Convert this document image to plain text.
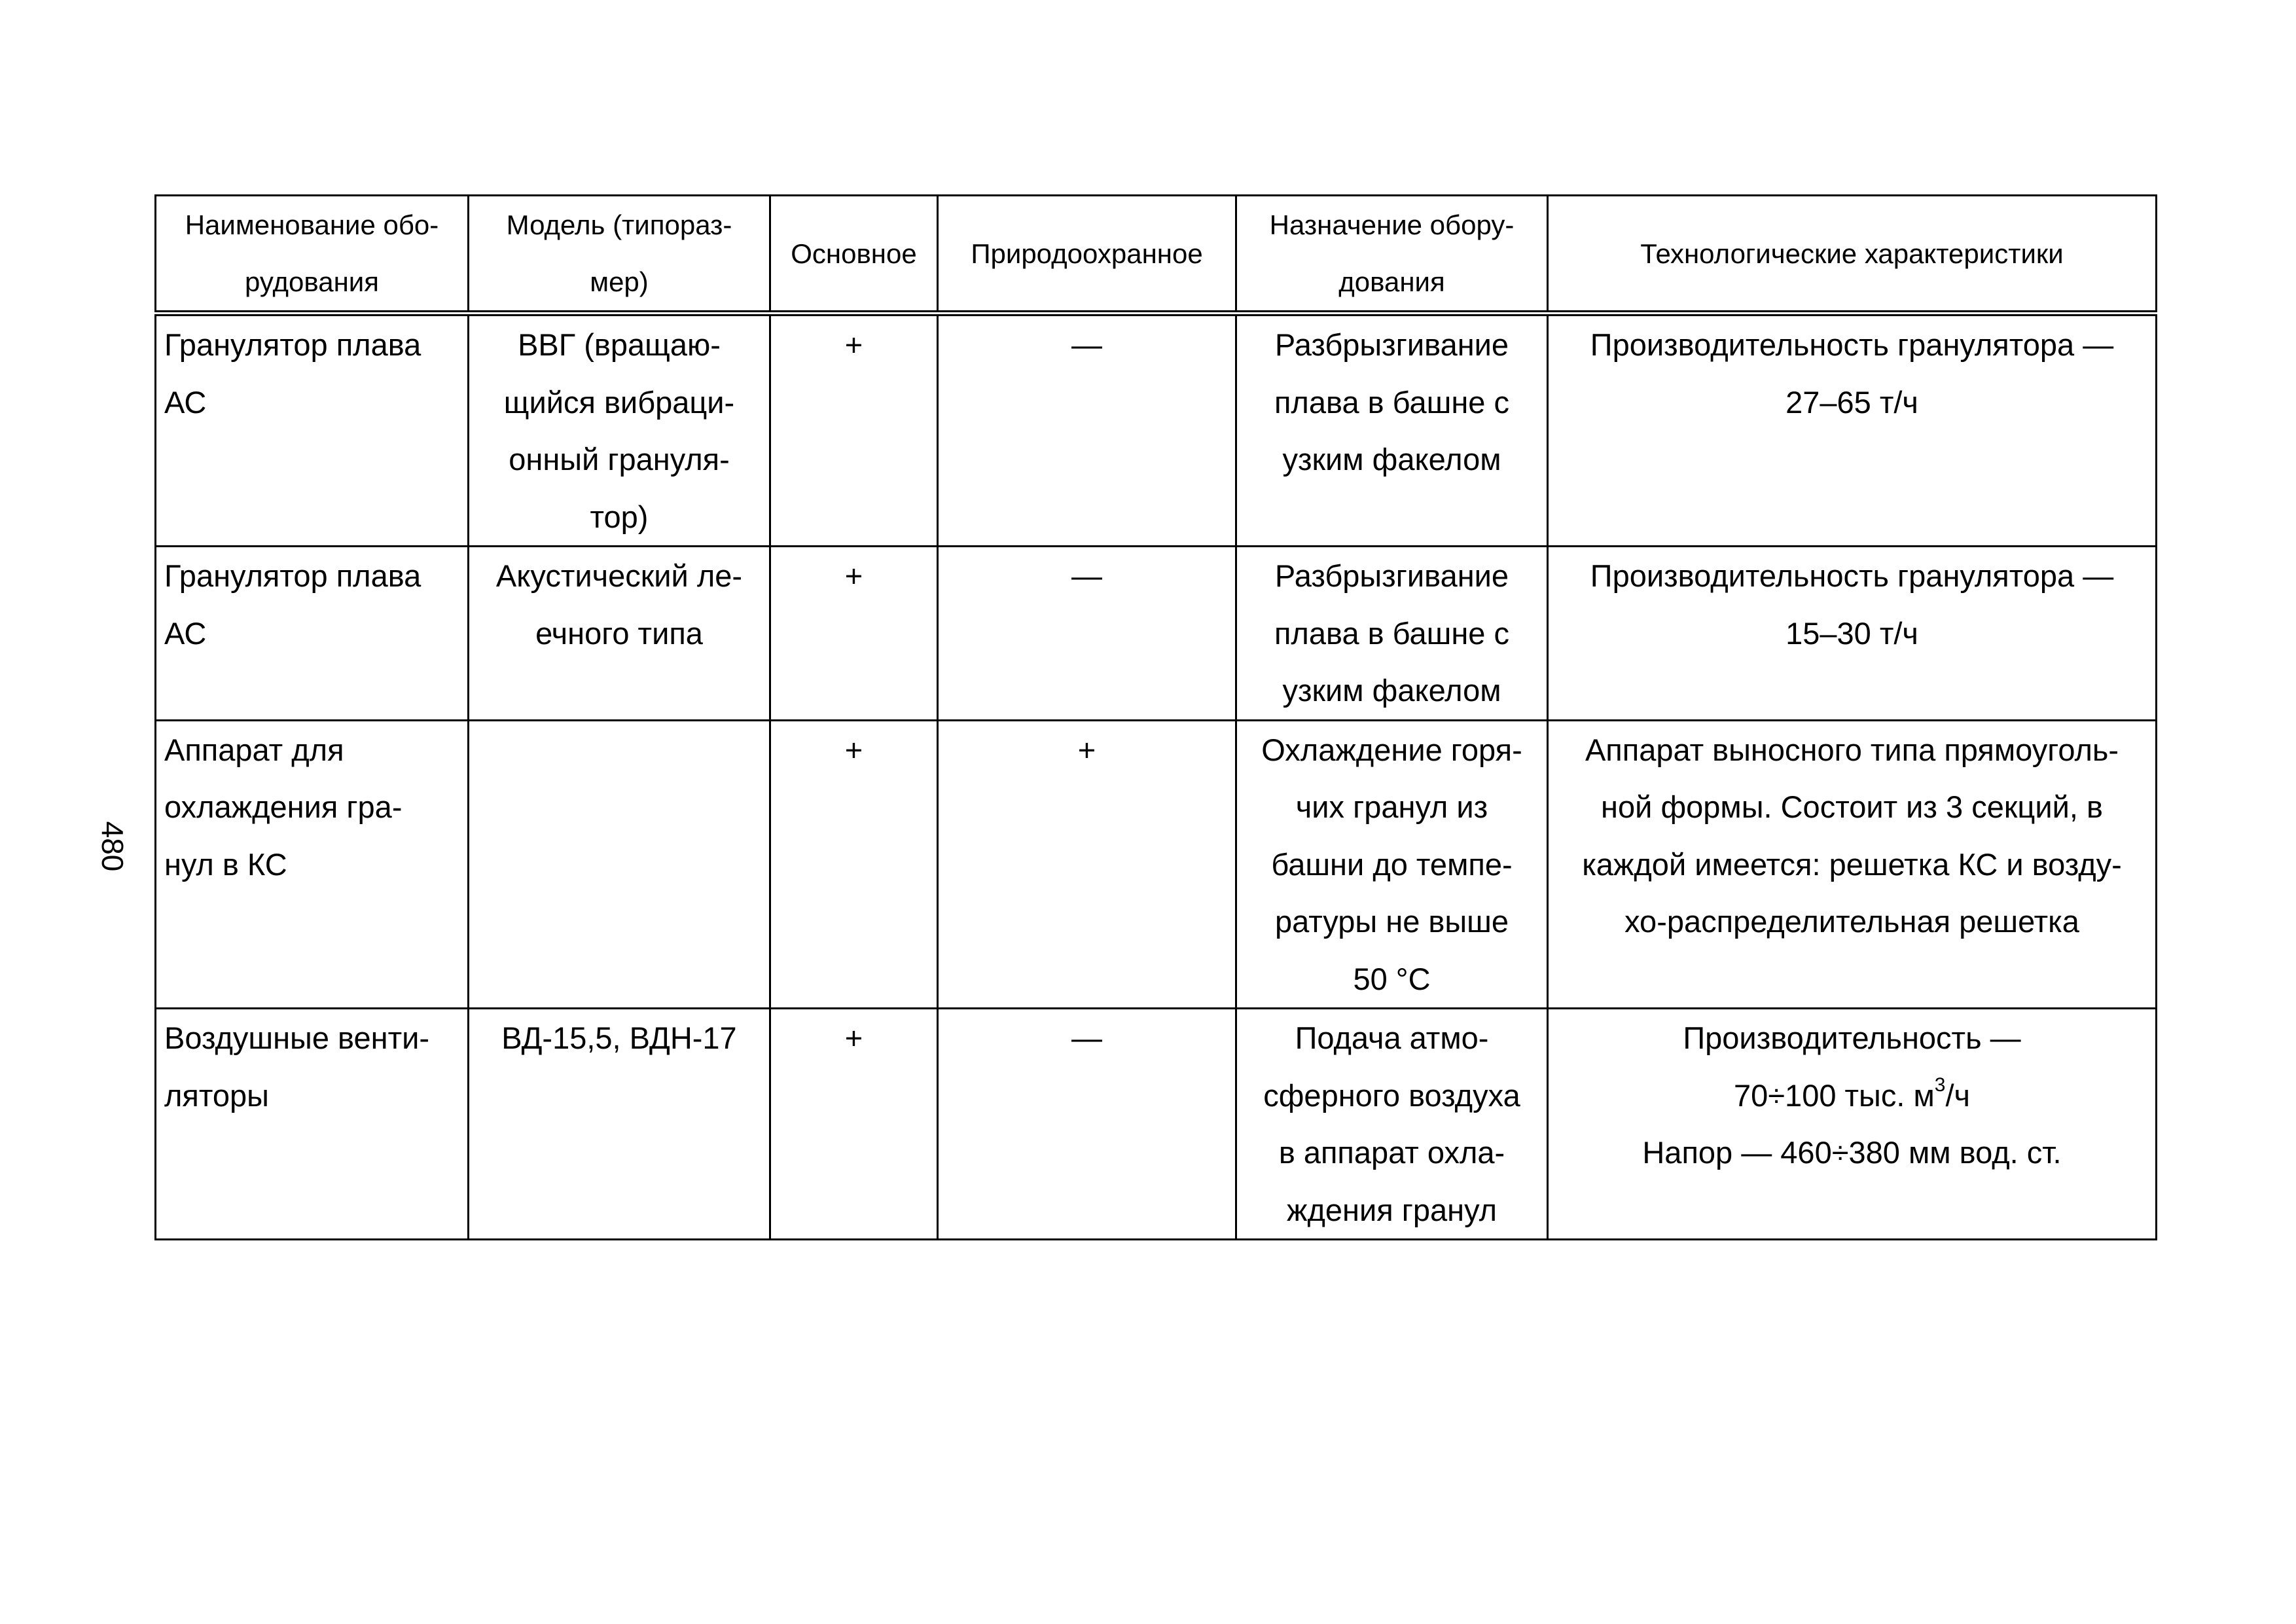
480
Наименование обо-
рудования	Модель (типораз-
мер)	Основное	Природоохранное	Назначение обору-
дования	Технологические характеристики

Гранулятор плава
АС	ВВГ (вращаю-
щийся вибраци-
онный грануля-
тор)	+	—	Разбрызгивание
плава в башне с
узким факелом	Производительность гранулятора —
27–65 т/ч

Гранулятор плава
АС	Акустический ле-
ечного типа	+	—	Разбрызгивание
плава в башне с
узким факелом	Производительность гранулятора —
15–30 т/ч

Аппарат для
охлаждения гра-
нул в КС		+	+	Охлаждение горя-
чих гранул из
башни до темпе-
ратуры не выше
50 °С	Аппарат выносного типа прямоуголь-
ной формы. Состоит из 3 секций, в
каждой имеется: решетка КС и возду-
хо-распределительная решетка

Воздушные венти-
ляторы	ВД-15,5, ВДН-17	+	—	Подача атмо-
сферного воздуха
в аппарат охла-
ждения гранул	Производительность —
70÷100 тыс. $м^3/ч$
Напор — 460÷380 мм вод. ст.
